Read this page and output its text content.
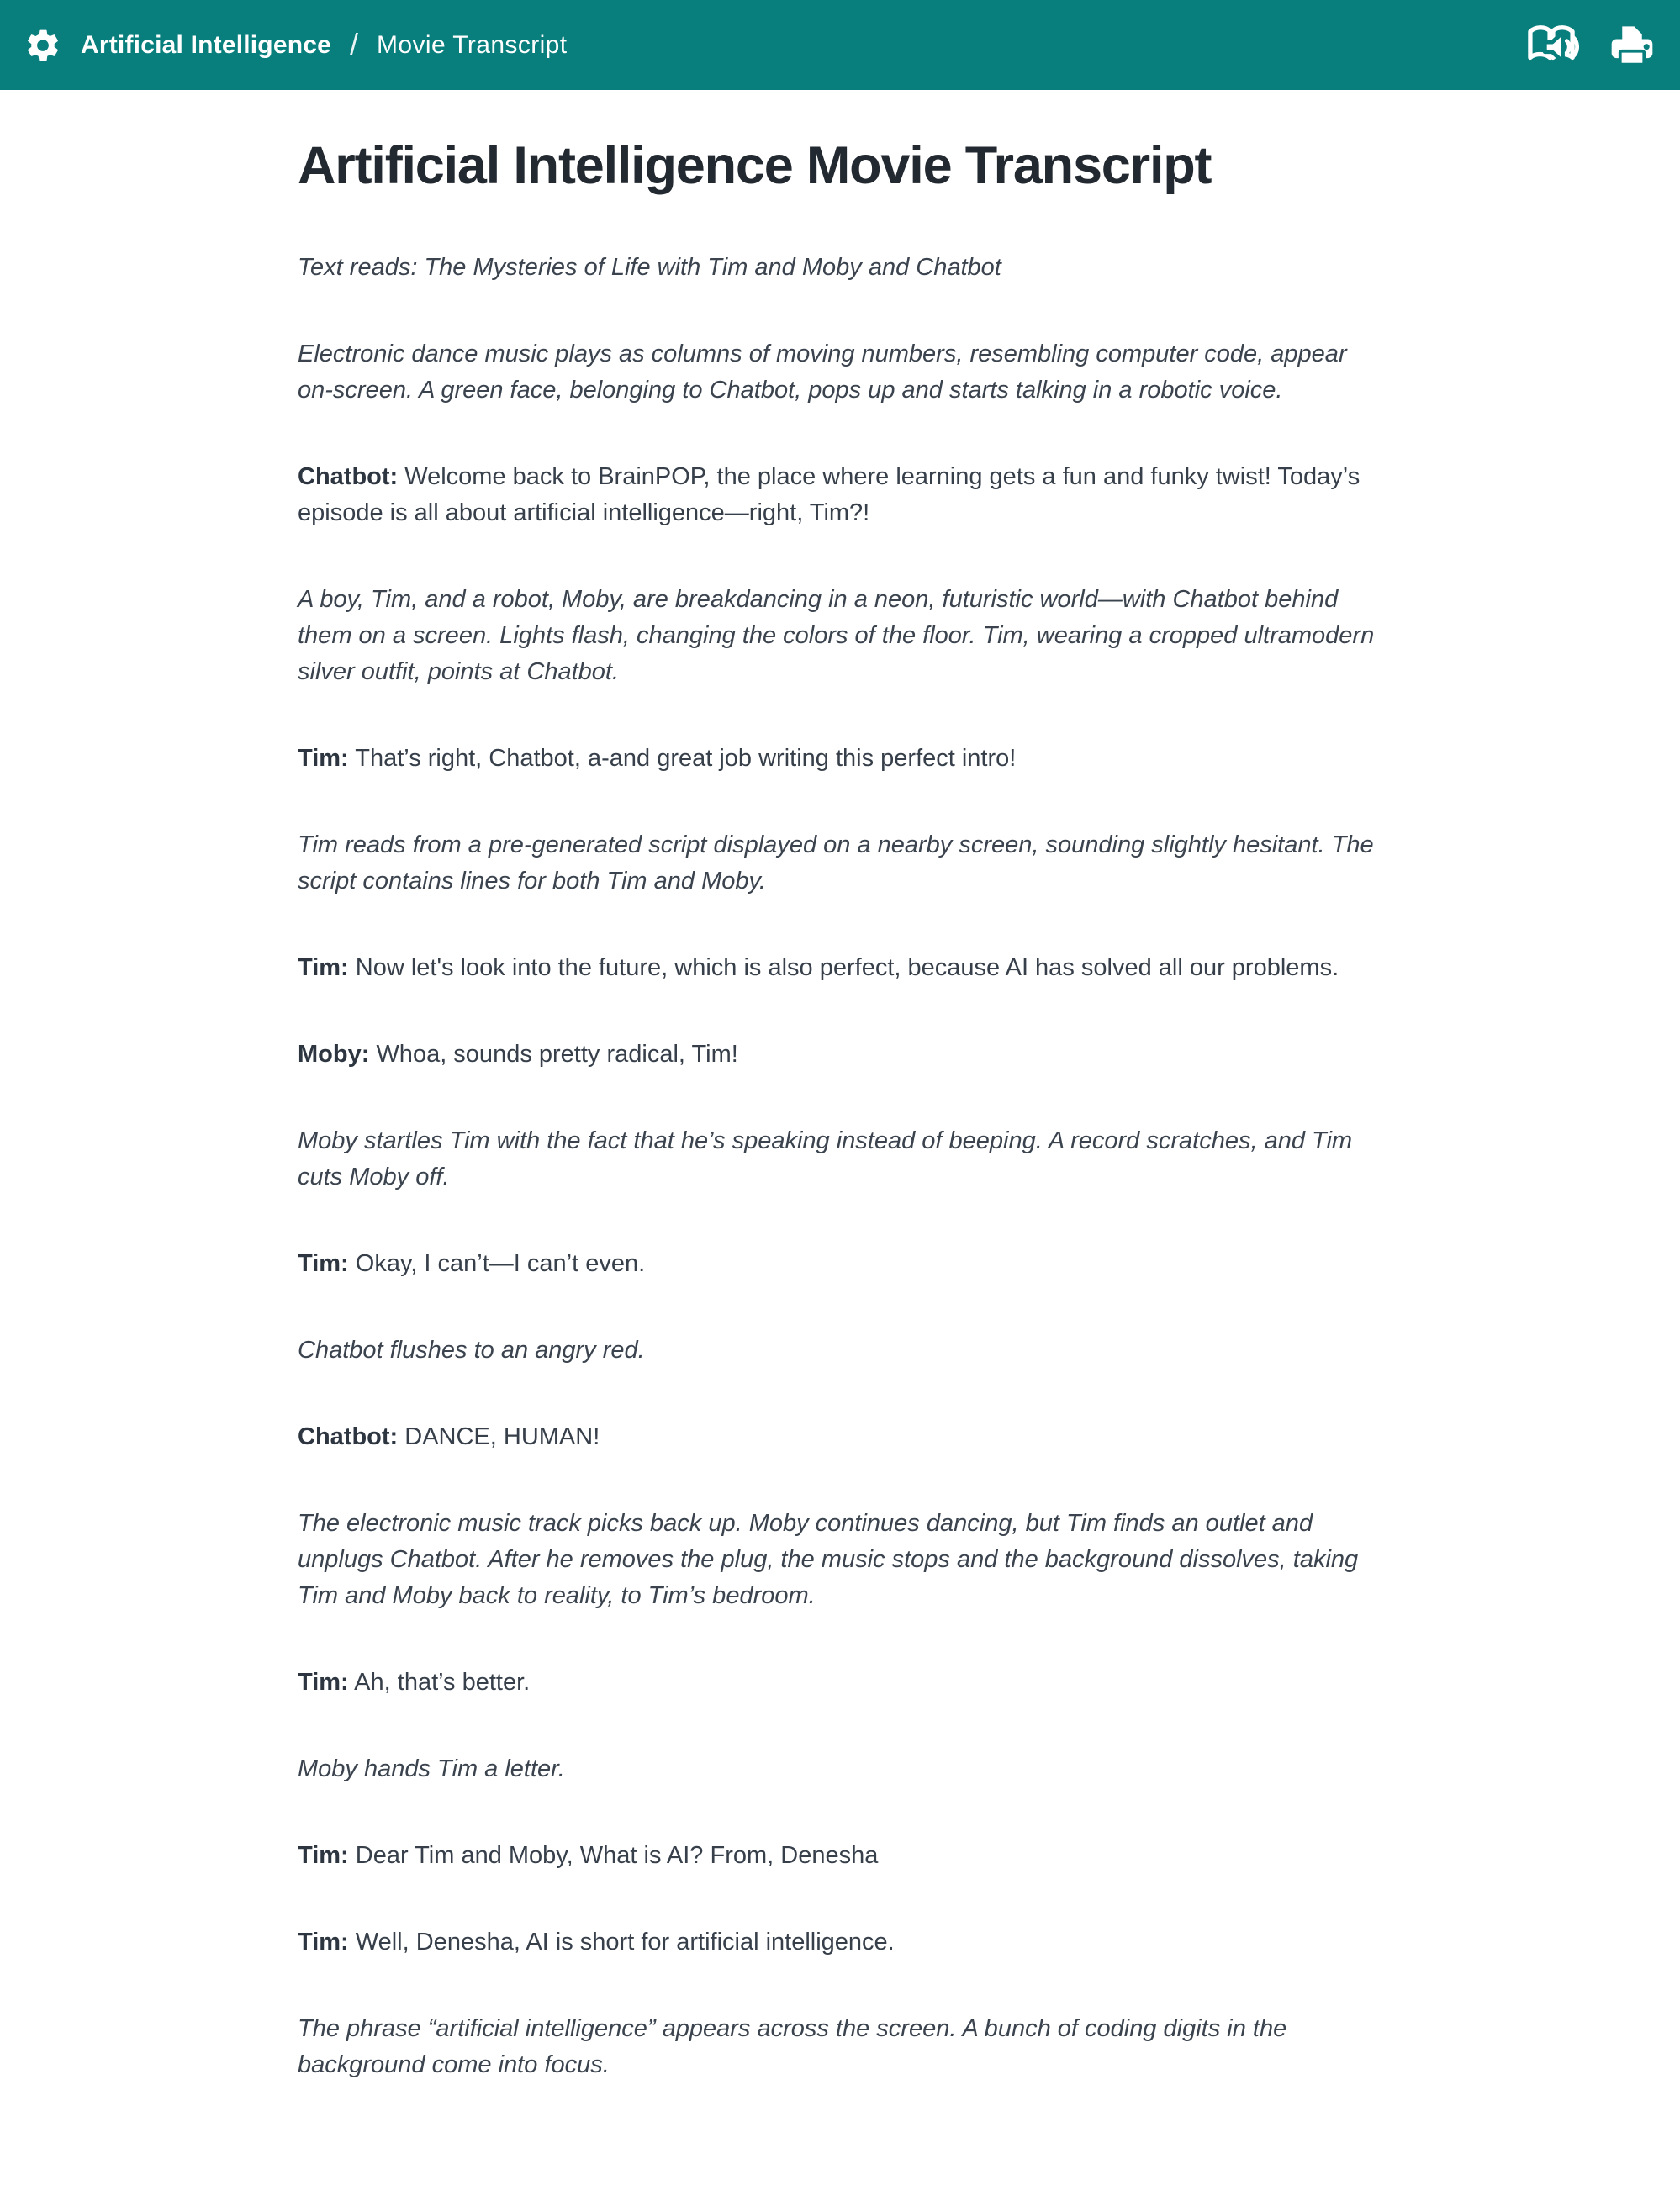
Artificial Intelligence / Movie Transcript
Artificial Intelligence Movie Transcript

Text reads: The Mysteries of Life with Tim and Moby and Chatbot

Electronic dance music plays as columns of moving numbers, resembling computer code, appear on-screen. A green face, belonging to Chatbot, pops up and starts talking in a robotic voice.

Chatbot: Welcome back to BrainPOP, the place where learning gets a fun and funky twist! Today’s episode is all about artificial intelligence—right, Tim?!

A boy, Tim, and a robot, Moby, are breakdancing in a neon, futuristic world—with Chatbot behind them on a screen. Lights flash, changing the colors of the floor. Tim, wearing a cropped ultramodern silver outfit, points at Chatbot.

Tim: That’s right, Chatbot, a-and great job writing this perfect intro!

Tim reads from a pre-generated script displayed on a nearby screen, sounding slightly hesitant. The script contains lines for both Tim and Moby.

Tim: Now let's look into the future, which is also perfect, because AI has solved all our problems.

Moby: Whoa, sounds pretty radical, Tim!

Moby startles Tim with the fact that he’s speaking instead of beeping. A record scratches, and Tim cuts Moby off.

Tim: Okay, I can’t—I can’t even.

Chatbot flushes to an angry red.

Chatbot: DANCE, HUMAN!

The electronic music track picks back up. Moby continues dancing, but Tim finds an outlet and unplugs Chatbot. After he removes the plug, the music stops and the background dissolves, taking Tim and Moby back to reality, to Tim’s bedroom.

Tim: Ah, that’s better.

Moby hands Tim a letter.

Tim: Dear Tim and Moby, What is AI? From, Denesha

Tim: Well, Denesha, AI is short for artificial intelligence.

The phrase “artificial intelligence” appears across the screen. A bunch of coding digits in the background come into focus.
